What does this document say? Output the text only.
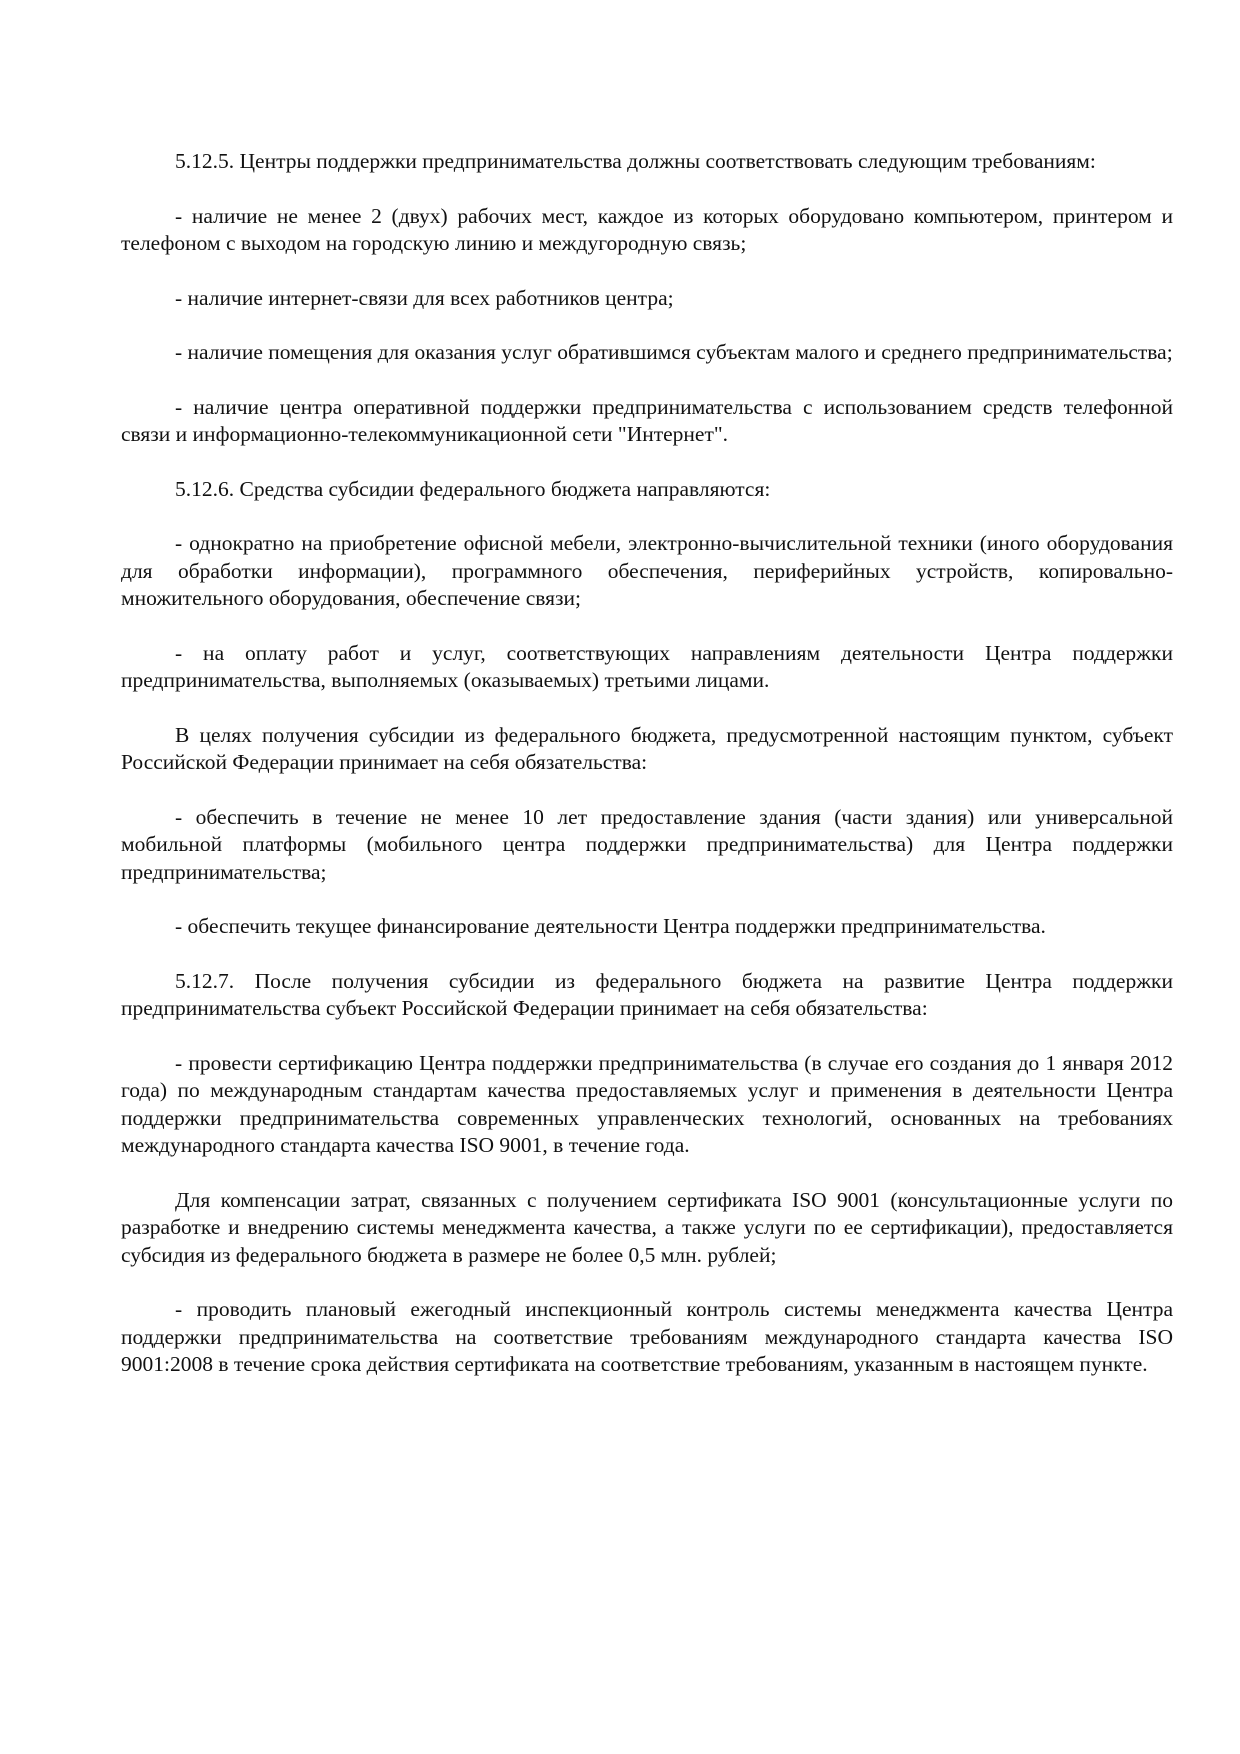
5.12.5. Центры поддержки предпринимательства должны соответствовать следующим требованиям:

- наличие не менее 2 (двух) рабочих мест, каждое из которых оборудовано компьютером, принтером и телефоном с выходом на городскую линию и междугородную связь;

- наличие интернет-связи для всех работников центра;

- наличие помещения для оказания услуг обратившимся субъектам малого и среднего предпринимательства;

- наличие центра оперативной поддержки предпринимательства с использованием средств телефонной связи и информационно-телекоммуникационной сети "Интернет".

5.12.6. Средства субсидии федерального бюджета направляются:

- однократно на приобретение офисной мебели, электронно-вычислительной техники (иного оборудования для обработки информации), программного обеспечения, периферийных устройств, копировально-множительного оборудования, обеспечение связи;

- на оплату работ и услуг, соответствующих направлениям деятельности Центра поддержки предпринимательства, выполняемых (оказываемых) третьими лицами.

В целях получения субсидии из федерального бюджета, предусмотренной настоящим пунктом, субъект Российской Федерации принимает на себя обязательства:

- обеспечить в течение не менее 10 лет предоставление здания (части здания) или универсальной мобильной платформы (мобильного центра поддержки предпринимательства) для Центра поддержки предпринимательства;

- обеспечить текущее финансирование деятельности Центра поддержки предпринимательства.

5.12.7. После получения субсидии из федерального бюджета на развитие Центра поддержки предпринимательства субъект Российской Федерации принимает на себя обязательства:

- провести сертификацию Центра поддержки предпринимательства (в случае его создания до 1 января 2012 года) по международным стандартам качества предоставляемых услуг и применения в деятельности Центра поддержки предпринимательства современных управленческих технологий, основанных на требованиях международного стандарта качества ISO 9001, в течение года.

Для компенсации затрат, связанных с получением сертификата ISO 9001 (консультационные услуги по разработке и внедрению системы менеджмента качества, а также услуги по ее сертификации), предоставляется субсидия из федерального бюджета в размере не более 0,5 млн. рублей;

- проводить плановый ежегодный инспекционный контроль системы менеджмента качества Центра поддержки предпринимательства на соответствие требованиям международного стандарта качества ISO 9001:2008 в течение срока действия сертификата на соответствие требованиям, указанным в настоящем пункте.
